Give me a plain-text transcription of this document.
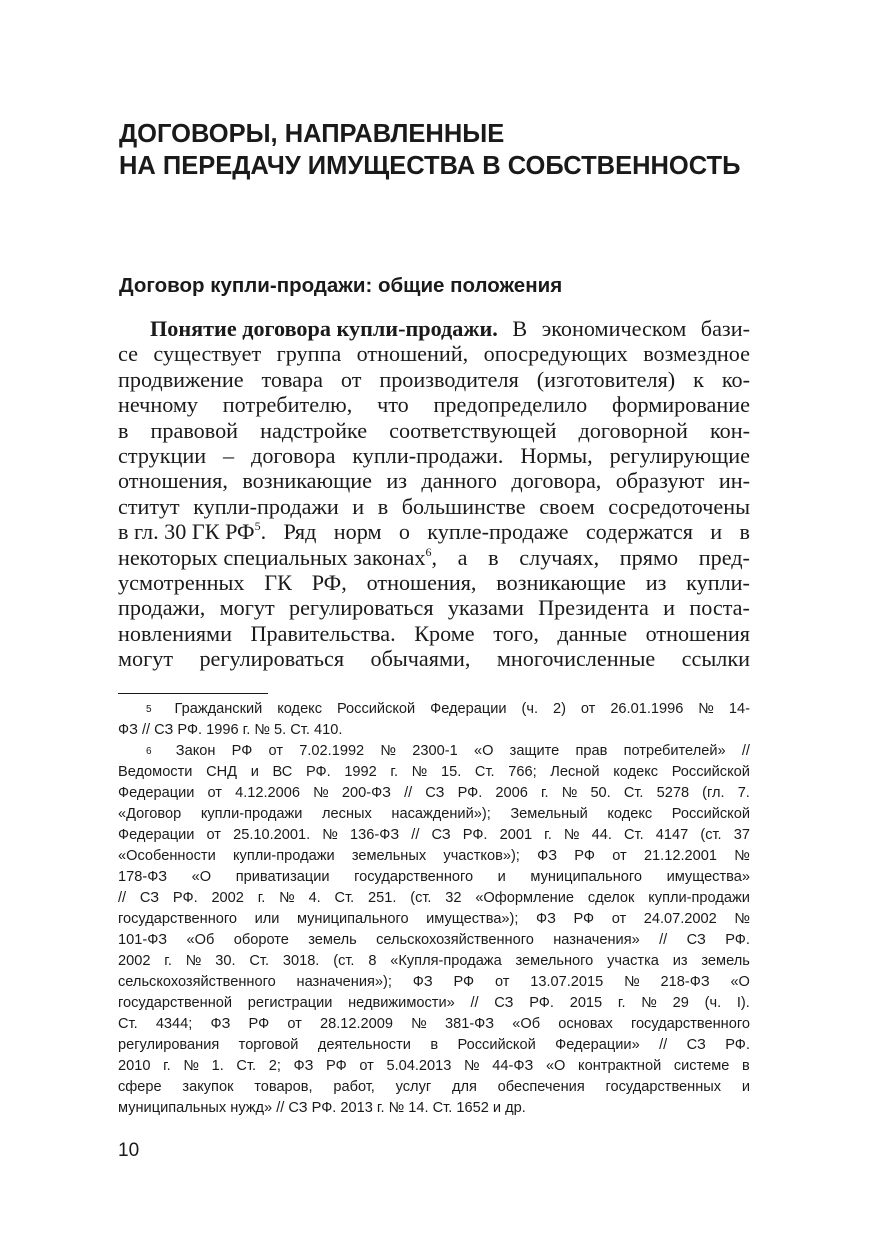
ДОГОВОРЫ, НАПРАВЛЕННЫЕ
НА ПЕРЕДАЧУ ИМУЩЕСТВА В СОБСТВЕННОСТЬ
Договор купли-продажи: общие положения
Понятие договора купли-продажи. В экономическом бази-
се существует группа отношений, опосредующих возмездное
продвижение товара от производителя (изготовителя) к ко-
нечному потребителю, что предопределило формирование
в правовой надстройке соответствующей договорной кон-
струкции – договора купли-продажи. Нормы, регулирующие
отношения, возникающие из данного договора, образуют ин-
ститут купли-продажи и в большинстве своем сосредоточены
в гл. 30 ГК $РФ^5$. Ряд норм о купле-продаже содержатся и в
некоторых специальных законах$^6$, а в случаях, прямо пред-
усмотренных ГК РФ, отношения, возникающие из купли-
продажи, могут регулироваться указами Президента и поста-
новлениями Правительства. Кроме того, данные отношения
могут регулироваться обычаями, многочисленные ссылки
$^5$	Гражданский кодекс Российской Федерации (ч. 2) от 26.01.1996 № 14-
ФЗ // СЗ РФ. 1996 г. № 5. Ст. 410.
$^6$	Закон РФ от 7.02.1992 № 2300-1 «О защите прав потребителей» //
Ведомости СНД и ВС РФ. 1992 г. № 15. Ст. 766; Лесной кодекс Российской
Федерации от 4.12.2006 № 200-ФЗ // СЗ РФ. 2006 г. № 50. Ст. 5278 (гл. 7.
«Договор купли-продажи лесных насаждений»); Земельный кодекс Российской
Федерации от 25.10.2001. № 136-ФЗ // СЗ РФ. 2001 г. № 44. Ст. 4147 (ст. 37
«Особенности купли-продажи земельных участков»); ФЗ РФ от 21.12.2001 №
178-ФЗ «О приватизации государственного и муниципального имущества»
// СЗ РФ. 2002 г. № 4. Ст. 251. (ст. 32 «Оформление сделок купли-продажи
государственного или муниципального имущества»); ФЗ РФ от 24.07.2002 №
101-ФЗ «Об обороте земель сельскохозяйственного назначения» // СЗ РФ.
2002 г. № 30. Ст. 3018. (ст. 8 «Купля-продажа земельного участка из земель
сельскохозяйственного назначения»); ФЗ РФ от 13.07.2015 № 218-ФЗ «О
государственной регистрации недвижимости» // СЗ РФ. 2015 г. № 29 (ч. I).
Ст. 4344; ФЗ РФ от 28.12.2009 № 381-ФЗ «Об основах государственного
регулирования торговой деятельности в Российской Федерации» // СЗ РФ.
2010 г. № 1. Ст. 2; ФЗ РФ от 5.04.2013 № 44-ФЗ «О контрактной системе в
сфере закупок товаров, работ, услуг для обеспечения государственных и
муниципальных нужд» // СЗ РФ. 2013 г. № 14. Ст. 1652 и др.
10
